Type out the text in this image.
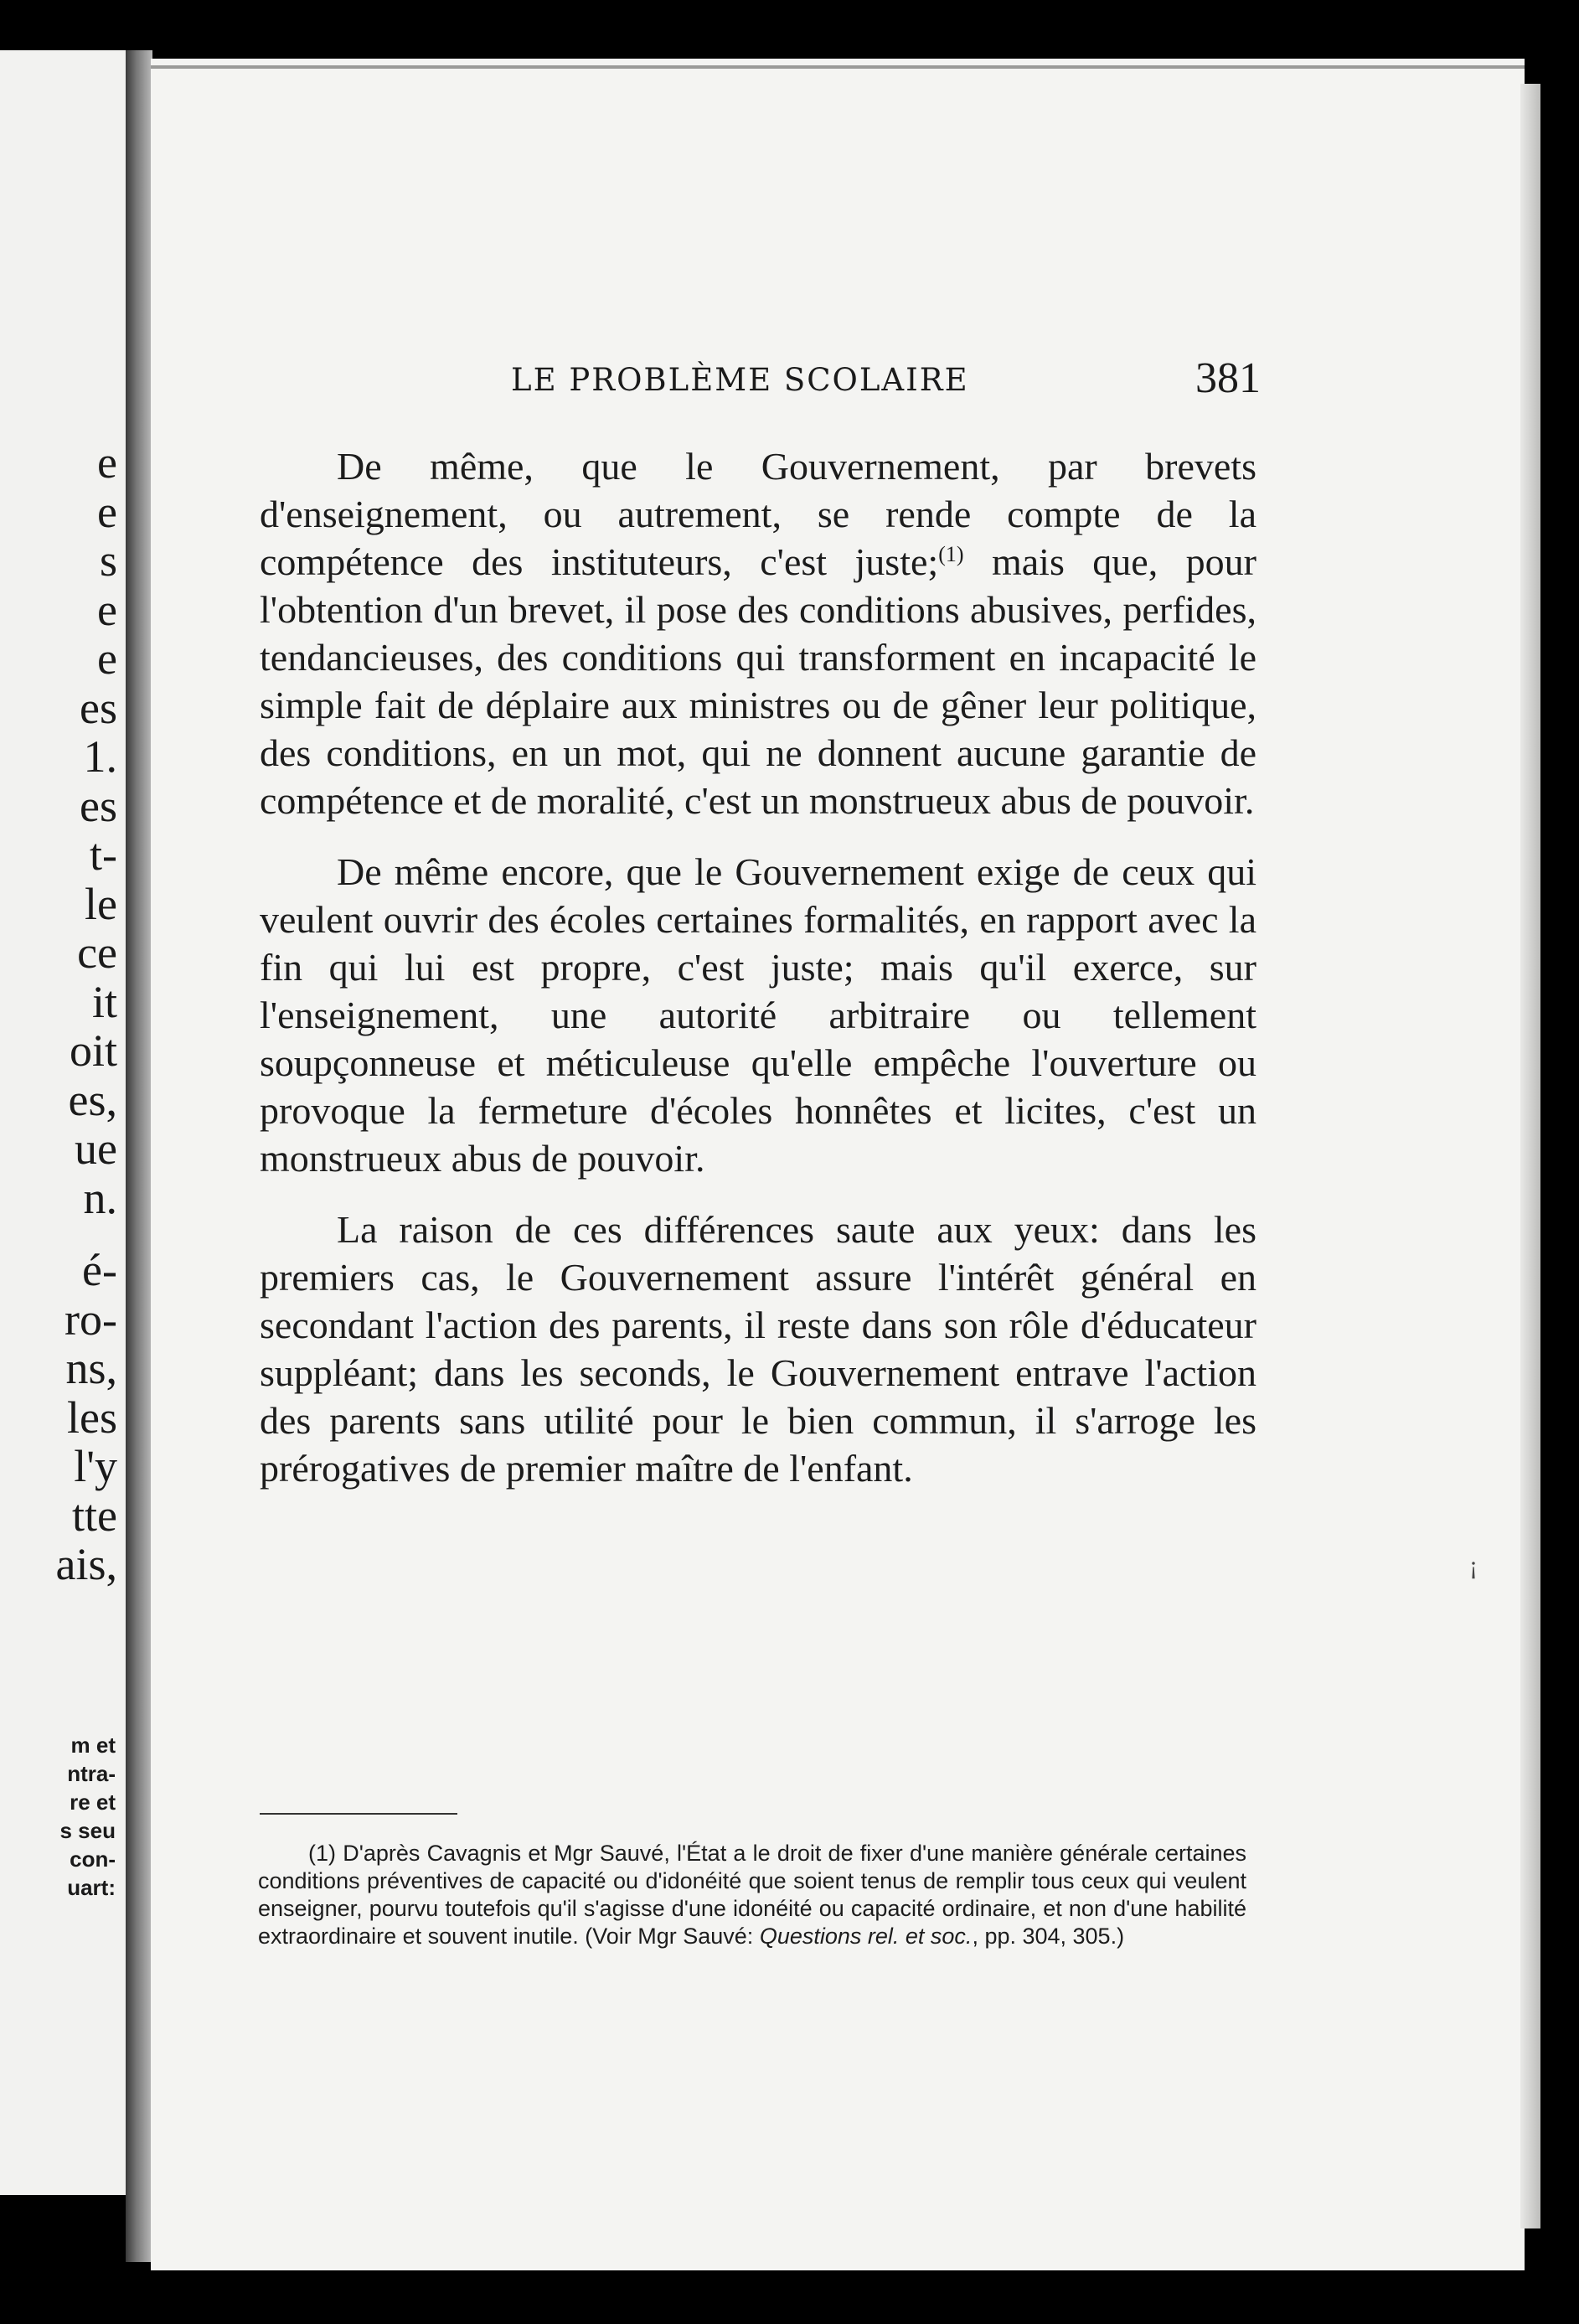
e
e
s
e
e
es
1.
es
t-
le
ce
it
oit
es,
ue
n.
é-
ro-
ns,
les
l'y
tte
ais,
m et
ntra-
re et
s seu
con-
uart:
LE PROBLÈME SCOLAIRE	381

De même, que le Gouvernement, par brevets d'enseignement, ou autrement, se rende compte de la compétence des instituteurs, c'est juste;$^{(1)}$ mais que, pour l'obtention d'un brevet, il pose des conditions abusives, perfides, tendancieuses, des conditions qui transforment en incapacité le simple fait de déplaire aux ministres ou de gêner leur politique, des conditions, en un mot, qui ne donnent aucune garantie de compétence et de moralité, c'est un monstrueux abus de pouvoir.

De même encore, que le Gouvernement exige de ceux qui veulent ouvrir des écoles certaines formalités, en rapport avec la fin qui lui est propre, c'est juste; mais qu'il exerce, sur l'enseignement, une autorité arbitraire ou tellement soupçonneuse et méticuleuse qu'elle empêche l'ouverture ou provoque la fermeture d'écoles honnêtes et licites, c'est un monstrueux abus de pouvoir.

La raison de ces différences saute aux yeux: dans les premiers cas, le Gouvernement assure l'intérêt général en secondant l'action des parents, il reste dans son rôle d'éducateur suppléant; dans les seconds, le Gouvernement entrave l'action des parents sans utilité pour le bien commun, il s'arroge les prérogatives de premier maître de l'enfant.

(1) D'après Cavagnis et Mgr Sauvé, l'État a le droit de fixer d'une manière générale certaines conditions préventives de capacité ou d'idonéité que soient tenus de remplir tous ceux qui veulent enseigner, pourvu toutefois qu'il s'agisse d'une idonéité ou capacité ordinaire, et non d'une habilité extraordinaire et souvent inutile. (Voir Mgr Sauvé: Questions rel. et soc., pp. 304, 305.)
¡
